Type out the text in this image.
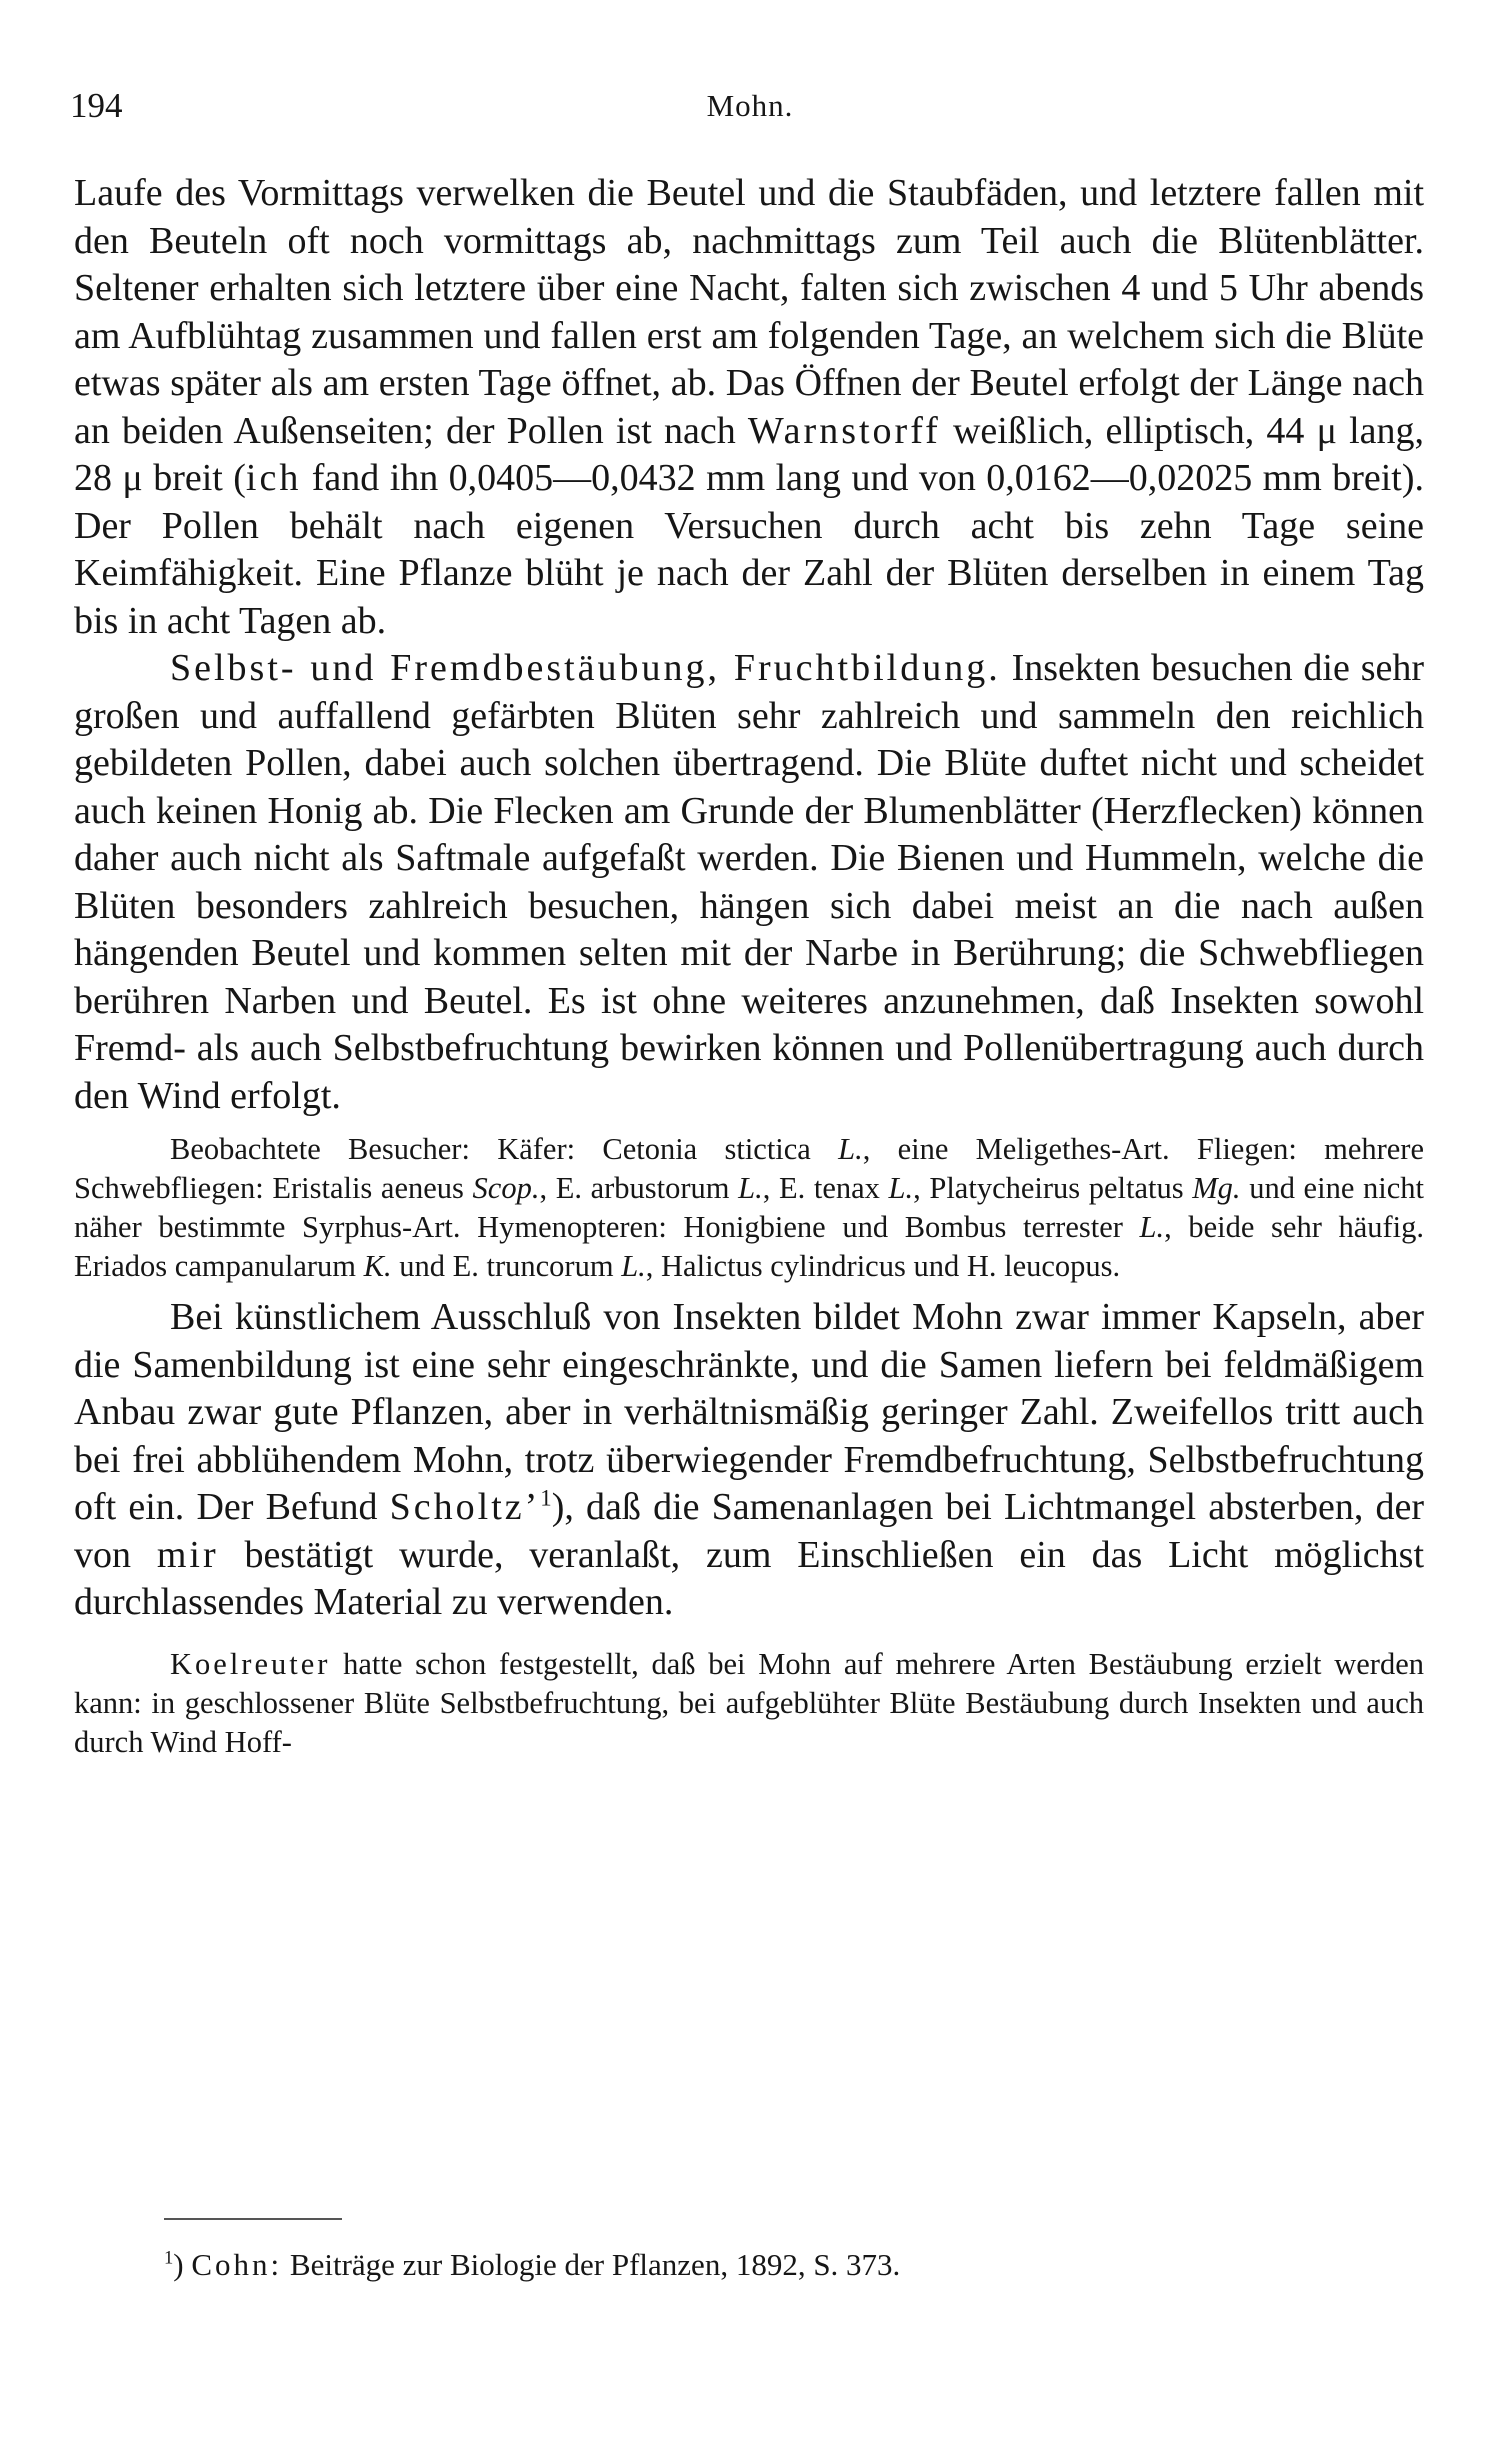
194	Mohn.

Laufe des Vormittags verwelken die Beutel und die Staubfäden, und letztere fallen mit den Beuteln oft noch vormittags ab, nachmittags zum Teil auch die Blütenblätter. Seltener erhalten sich letztere über eine Nacht, falten sich zwischen 4 und 5 Uhr abends am Aufblühtag zusammen und fallen erst am folgenden Tage, an welchem sich die Blüte etwas später als am ersten Tage öffnet, ab. Das Öffnen der Beutel erfolgt der Länge nach an beiden Außenseiten; der Pollen ist nach Warnstorff weißlich, elliptisch, 44 μ lang, 28 μ breit (ich fand ihn 0,0405—0,0432 mm lang und von 0,0162—0,02025 mm breit). Der Pollen behält nach eigenen Versuchen durch acht bis zehn Tage seine Keimfähigkeit. Eine Pflanze blüht je nach der Zahl der Blüten derselben in einem Tag bis in acht Tagen ab.

Selbst- und Fremdbestäubung, Fruchtbildung. Insekten besuchen die sehr großen und auffallend gefärbten Blüten sehr zahlreich und sammeln den reichlich gebildeten Pollen, dabei auch solchen übertragend. Die Blüte duftet nicht und scheidet auch keinen Honig ab. Die Flecken am Grunde der Blumenblätter (Herzflecken) können daher auch nicht als Saftmale aufgefaßt werden. Die Bienen und Hummeln, welche die Blüten besonders zahlreich besuchen, hängen sich dabei meist an die nach außen hängenden Beutel und kommen selten mit der Narbe in Berührung; die Schwebfliegen berühren Narben und Beutel. Es ist ohne weiteres anzunehmen, daß Insekten sowohl Fremd- als auch Selbstbefruchtung bewirken können und Pollenübertragung auch durch den Wind erfolgt.

Beobachtete Besucher: Käfer: Cetonia stictica L., eine Meligethes-Art. Fliegen: mehrere Schwebfliegen: Eristalis aeneus Scop., E. arbustorum L., E. tenax L., Platycheirus peltatus Mg. und eine nicht näher bestimmte Syrphus-Art. Hymenopteren: Honigbiene und Bombus terrester L., beide sehr häufig. Eriados campanularum K. und E. truncorum L., Halictus cylindricus und H. leucopus.

Bei künstlichem Ausschluß von Insekten bildet Mohn zwar immer Kapseln, aber die Samenbildung ist eine sehr eingeschränkte, und die Samen liefern bei feldmäßigem Anbau zwar gute Pflanzen, aber in verhältnismäßig geringer Zahl. Zweifellos tritt auch bei frei abblühendem Mohn, trotz überwiegender Fremdbefruchtung, Selbstbefruchtung oft ein. Der Befund Scholtz’$^1$), daß die Samenanlagen bei Lichtmangel absterben, der von mir bestätigt wurde, veranlaßt, zum Einschließen ein das Licht möglichst durchlassendes Material zu verwenden.

Koelreuter hatte schon festgestellt, daß bei Mohn auf mehrere Arten Bestäubung erzielt werden kann: in geschlossener Blüte Selbstbefruchtung, bei aufgeblühter Blüte Bestäubung durch Insekten und auch durch Wind Hoff-

$^1$) Cohn: Beiträge zur Biologie der Pflanzen, 1892, S. 373.
